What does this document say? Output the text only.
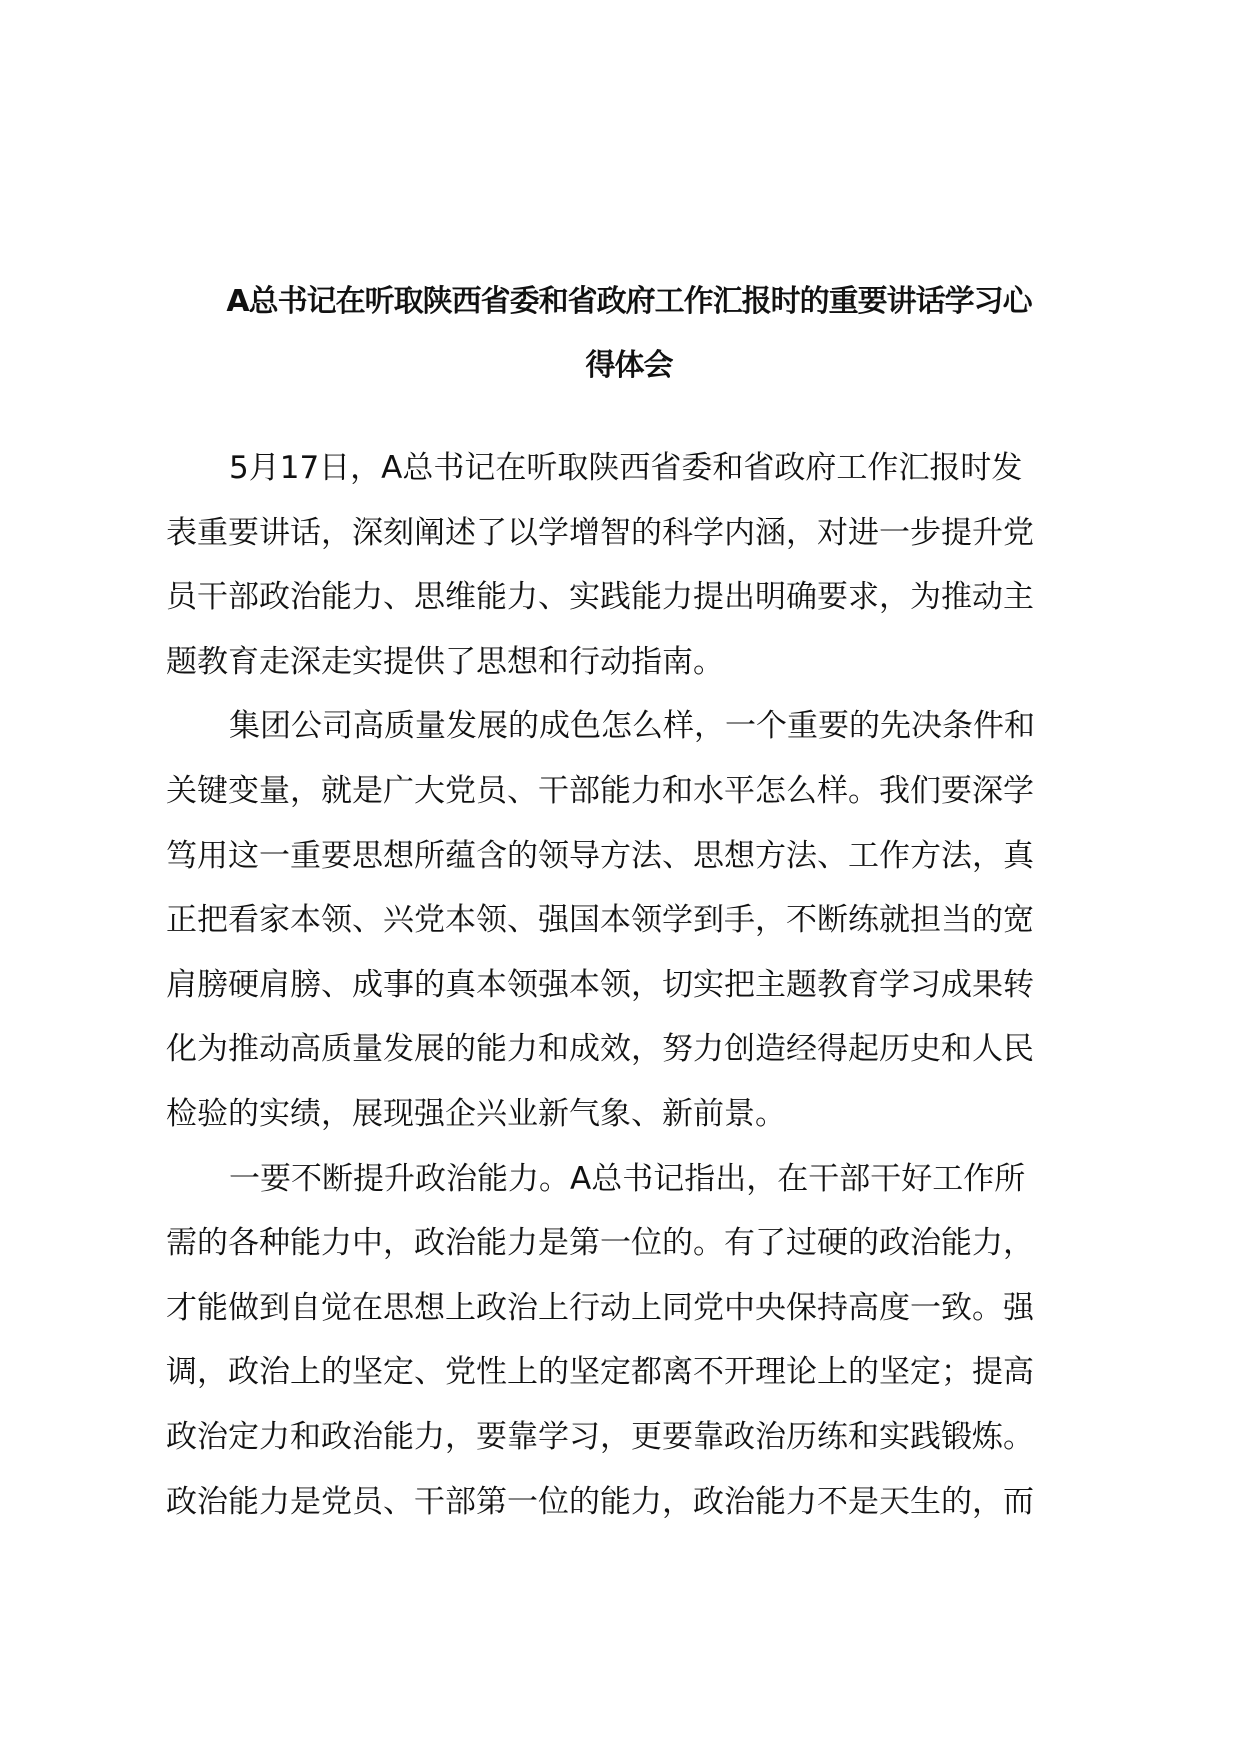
A总书记在听取陕西省委和省政府工作汇报时的重要讲话学习心
得体会
5月17日，A总书记在听取陕西省委和省政府工作汇报时发
表重要讲话，深刻阐述了以学增智的科学内涵，对进一步提升党
员干部政治能力、思维能力、实践能力提出明确要求，为推动主
题教育走深走实提供了思想和行动指南。
集团公司高质量发展的成色怎么样，一个重要的先决条件和
关键变量，就是广大党员、干部能力和水平怎么样。我们要深学
笃用这一重要思想所蕴含的领导方法、思想方法、工作方法，真
正把看家本领、兴党本领、强国本领学到手，不断练就担当的宽
肩膀硬肩膀、成事的真本领强本领，切实把主题教育学习成果转
化为推动高质量发展的能力和成效，努力创造经得起历史和人民
检验的实绩，展现强企兴业新气象、新前景。
一要不断提升政治能力。A总书记指出，在干部干好工作所
需的各种能力中，政治能力是第一位的。有了过硬的政治能力，
才能做到自觉在思想上政治上行动上同党中央保持高度一致。强
调，政治上的坚定、党性上的坚定都离不开理论上的坚定；提高
政治定力和政治能力，要靠学习，更要靠政治历练和实践锻炼。
政治能力是党员、干部第一位的能力，政治能力不是天生的，而
